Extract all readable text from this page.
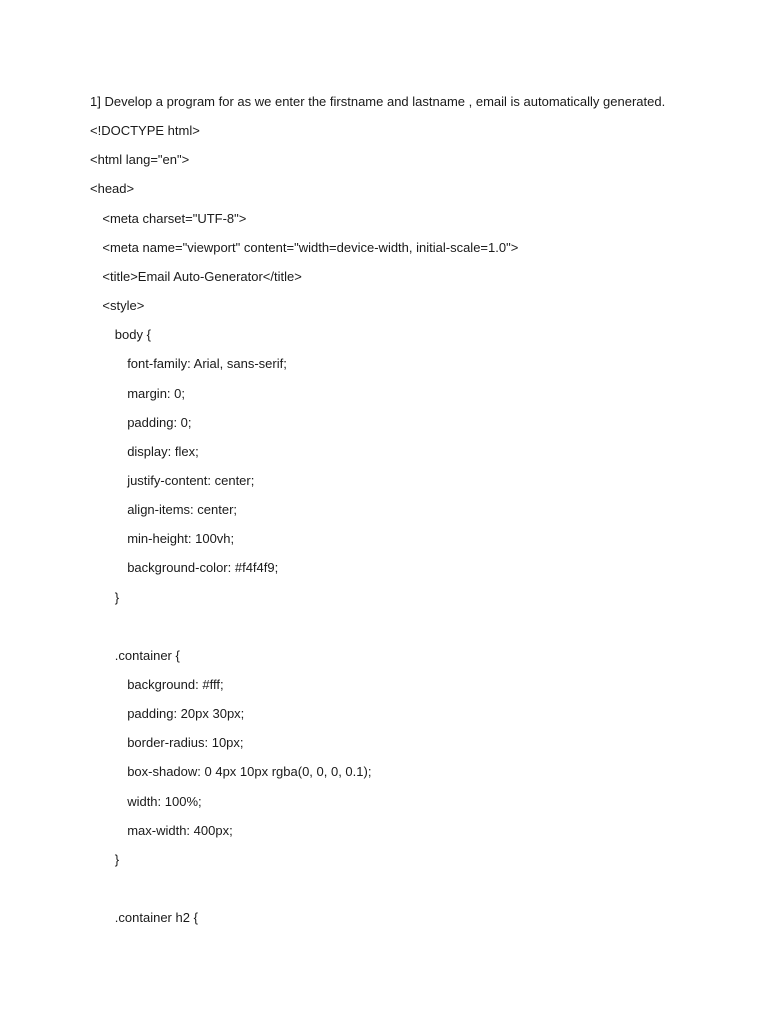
1] Develop a program for as we enter the firstname and lastname , email is automatically generated.
<!DOCTYPE html>
<html lang="en">
<head>
<meta charset="UTF-8">
<meta name="viewport" content="width=device-width, initial-scale=1.0">
<title>Email Auto-Generator</title>
<style>
body {
font-family: Arial, sans-serif;
margin: 0;
padding: 0;
display: flex;
justify-content: center;
align-items: center;
min-height: 100vh;
background-color: #f4f4f9;
}
.container {
background: #fff;
padding: 20px 30px;
border-radius: 10px;
box-shadow: 0 4px 10px rgba(0, 0, 0, 0.1);
width: 100%;
max-width: 400px;
}
.container h2 {
